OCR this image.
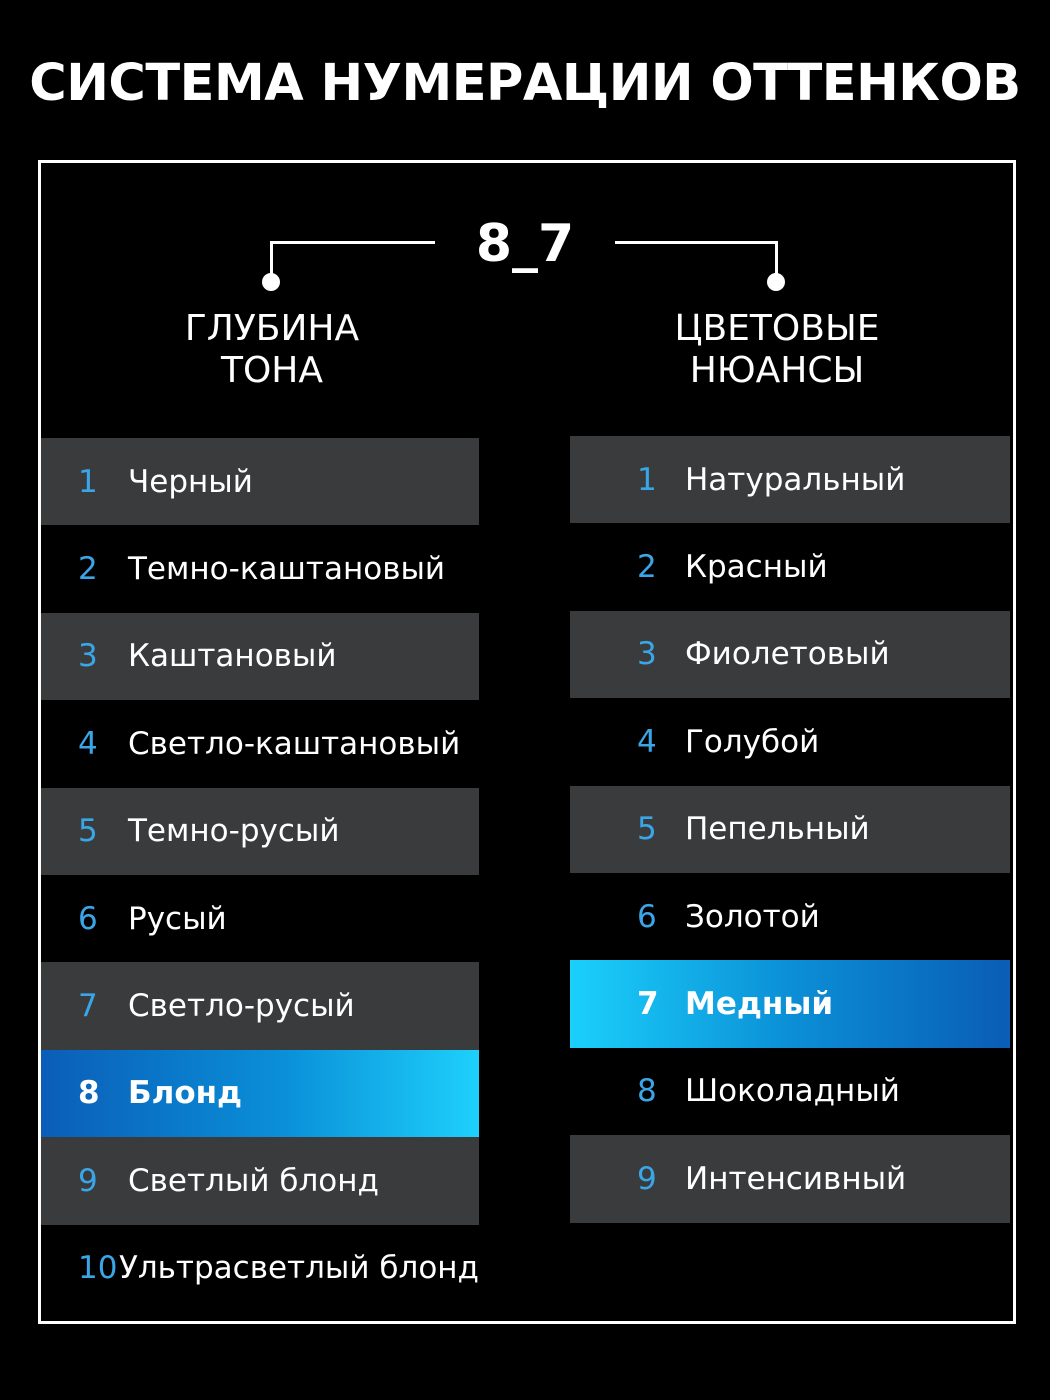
СИСТЕМА НУМЕРАЦИИ ОТТЕНКОВ
8_7
ГЛУБИНА
ТОНА
ЦВЕТОВЫЕ
НЮАНСЫ
1 Черный
2 Темно-каштановый
3 Каштановый
4 Светло-каштановый
5 Темно-русый
6 Русый
7 Светло-русый
8 Блонд
9 Светлый блонд
10 Ультрасветлый блонд
1 Натуральный
2 Красный
3 Фиолетовый
4 Голубой
5 Пепельный
6 Золотой
7 Медный
8 Шоколадный
9 Интенсивный
